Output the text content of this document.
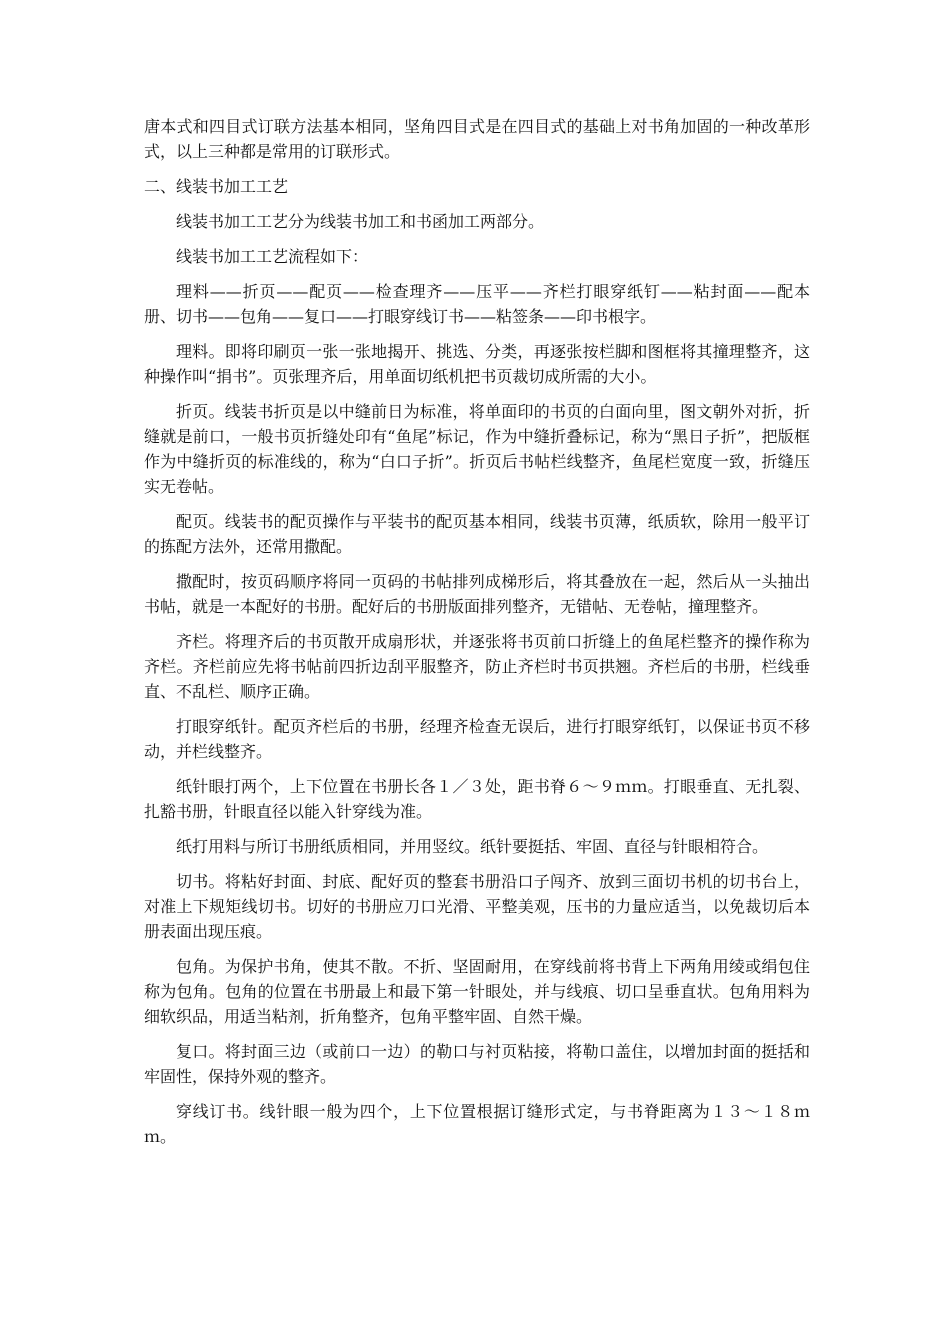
唐本式和四目式订联方法基本相同，坚角四目式是在四目式的基础上对书角加固的一种改革形式，以上三种都是常用的订联形式。

二、线装书加工工艺

线装书加工工艺分为线装书加工和书函加工两部分。

线装书加工工艺流程如下：

理料——折页——配页——检查理齐——压平——齐栏打眼穿纸钉——粘封面——配本册、切书——包角——复口——打眼穿线订书——粘签条——印书根字。

理料。即将印刷页一张一张地揭开、挑选、分类，再逐张按栏脚和图框将其撞理整齐，这种操作叫“捐书”。页张理齐后，用单面切纸机把书页裁切成所需的大小。

折页。线装书折页是以中缝前日为标准，将单面印的书页的白面向里，图文朝外对折，折缝就是前口，一般书页折缝处印有“鱼尾”标记，作为中缝折叠标记，称为“黑日子折”，把版框作为中缝折页的标准线的，称为“白口子折”。折页后书帖栏线整齐，鱼尾栏宽度一致，折缝压实无卷帖。

配页。线装书的配页操作与平装书的配页基本相同，线装书页薄，纸质软，除用一般平订的拣配方法外，还常用撒配。

撒配时，按页码顺序将同一页码的书帖排列成梯形后，将其叠放在一起，然后从一头抽出书帖，就是一本配好的书册。配好后的书册版面排列整齐，无错帖、无卷帖，撞理整齐。

齐栏。将理齐后的书页散开成扇形状，并逐张将书页前口折缝上的鱼尾栏整齐的操作称为齐栏。齐栏前应先将书帖前四折边刮平服整齐，防止齐栏时书页拱翘。齐栏后的书册，栏线垂直、不乱栏、顺序正确。

打眼穿纸针。配页齐栏后的书册，经理齐检查无误后，进行打眼穿纸钉，以保证书页不移动，并栏线整齐。

纸针眼打两个，上下位置在书册长各１／３处，距书脊６～９ｍｍ。打眼垂直、无扎裂、扎豁书册，针眼直径以能入针穿线为准。

纸打用料与所订书册纸质相同，并用竖纹。纸针要挺括、牢固、直径与针眼相符合。

切书。将粘好封面、封底、配好页的整套书册沿口子闯齐、放到三面切书机的切书台上，对准上下规矩线切书。切好的书册应刀口光滑、平整美观，压书的力量应适当，以免裁切后本册表面出现压痕。

包角。为保护书角，使其不散。不折、坚固耐用，在穿线前将书背上下两角用绫或绢包住称为包角。包角的位置在书册最上和最下第一针眼处，并与线痕、切口呈垂直状。包角用料为细软织品，用适当粘剂，折角整齐，包角平整牢固、自然干燥。

复口。将封面三边（或前口一边）的勒口与衬页粘接，将勒口盖住，以增加封面的挺括和牢固性，保持外观的整齐。

穿线订书。线针眼一般为四个，上下位置根据订缝形式定，与书脊距离为１３～１８ｍｍ。
